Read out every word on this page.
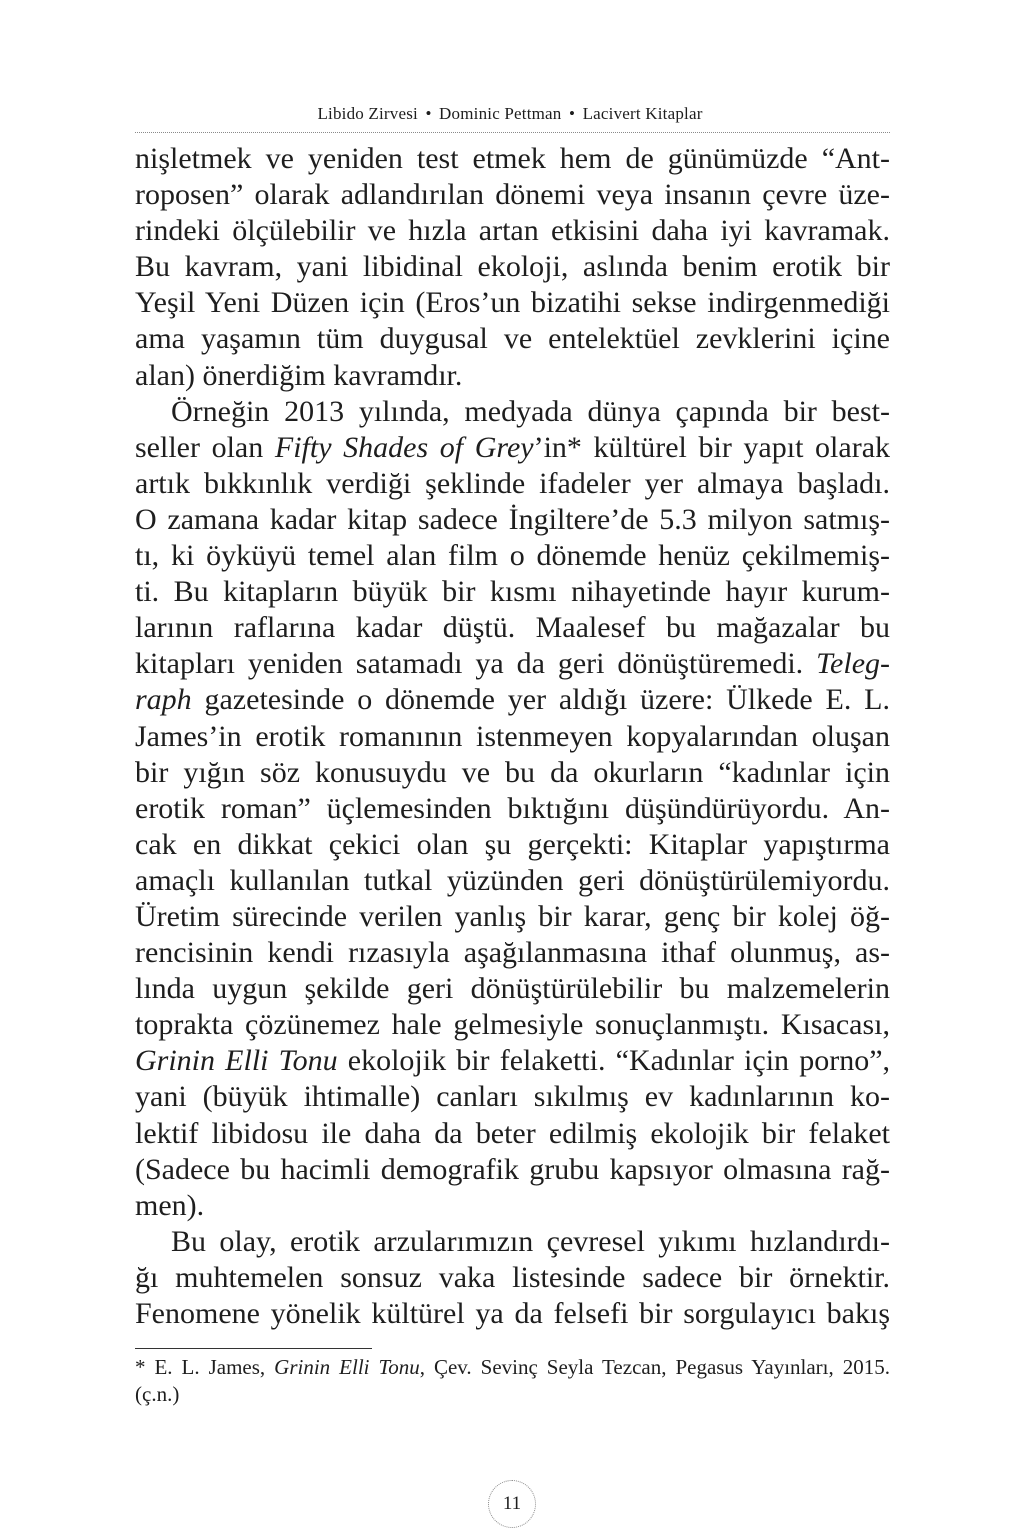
Libido Zirvesi • Dominic Pettman • Lacivert Kitaplar
nişletmek ve yeniden test etmek hem de günümüzde “Ant-
roposen” olarak adlandırılan dönemi veya insanın çevre üze-
rindeki ölçülebilir ve hızla artan etkisini daha iyi kavramak.
Bu kavram, yani libidinal ekoloji, aslında benim erotik bir
Yeşil Yeni Düzen için (Eros’un bizatihi sekse indirgenmediği
ama yaşamın tüm duygusal ve entelektüel zevklerini içine
alan) önerdiğim kavramdır.
Örneğin 2013 yılında, medyada dünya çapında bir best-
seller olan Fifty Shades of Grey’in* kültürel bir yapıt olarak
artık bıkkınlık verdiği şeklinde ifadeler yer almaya başladı.
O zamana kadar kitap sadece İngiltere’de 5.3 milyon satmış-
tı, ki öyküyü temel alan film o dönemde henüz çekilmemiş-
ti. Bu kitapların büyük bir kısmı nihayetinde hayır kurum-
larının raflarına kadar düştü. Maalesef bu mağazalar bu
kitapları yeniden satamadı ya da geri dönüştüremedi. Teleg-
raph gazetesinde o dönemde yer aldığı üzere: Ülkede E. L.
James’in erotik romanının istenmeyen kopyalarından oluşan
bir yığın söz konusuydu ve bu da okurların “kadınlar için
erotik roman” üçlemesinden bıktığını düşündürüyordu. An-
cak en dikkat çekici olan şu gerçekti: Kitaplar yapıştırma
amaçlı kullanılan tutkal yüzünden geri dönüştürülemiyordu.
Üretim sürecinde verilen yanlış bir karar, genç bir kolej öğ-
rencisinin kendi rızasıyla aşağılanmasına ithaf olunmuş, as-
lında uygun şekilde geri dönüştürülebilir bu malzemelerin
toprakta çözünemez hale gelmesiyle sonuçlanmıştı. Kısacası,
Grinin Elli Tonu ekolojik bir felaketti. “Kadınlar için porno”,
yani (büyük ihtimalle) canları sıkılmış ev kadınlarının ko-
lektif libidosu ile daha da beter edilmiş ekolojik bir felaket
(Sadece bu hacimli demografik grubu kapsıyor olmasına rağ-
men).
Bu olay, erotik arzularımızın çevresel yıkımı hızlandırdı-
ğı muhtemelen sonsuz vaka listesinde sadece bir örnektir.
Fenomene yönelik kültürel ya da felsefi bir sorgulayıcı bakış
* E. L. James, Grinin Elli Tonu, Çev. Sevinç Seyla Tezcan, Pegasus Yayınları, 2015.
(ç.n.)
11
